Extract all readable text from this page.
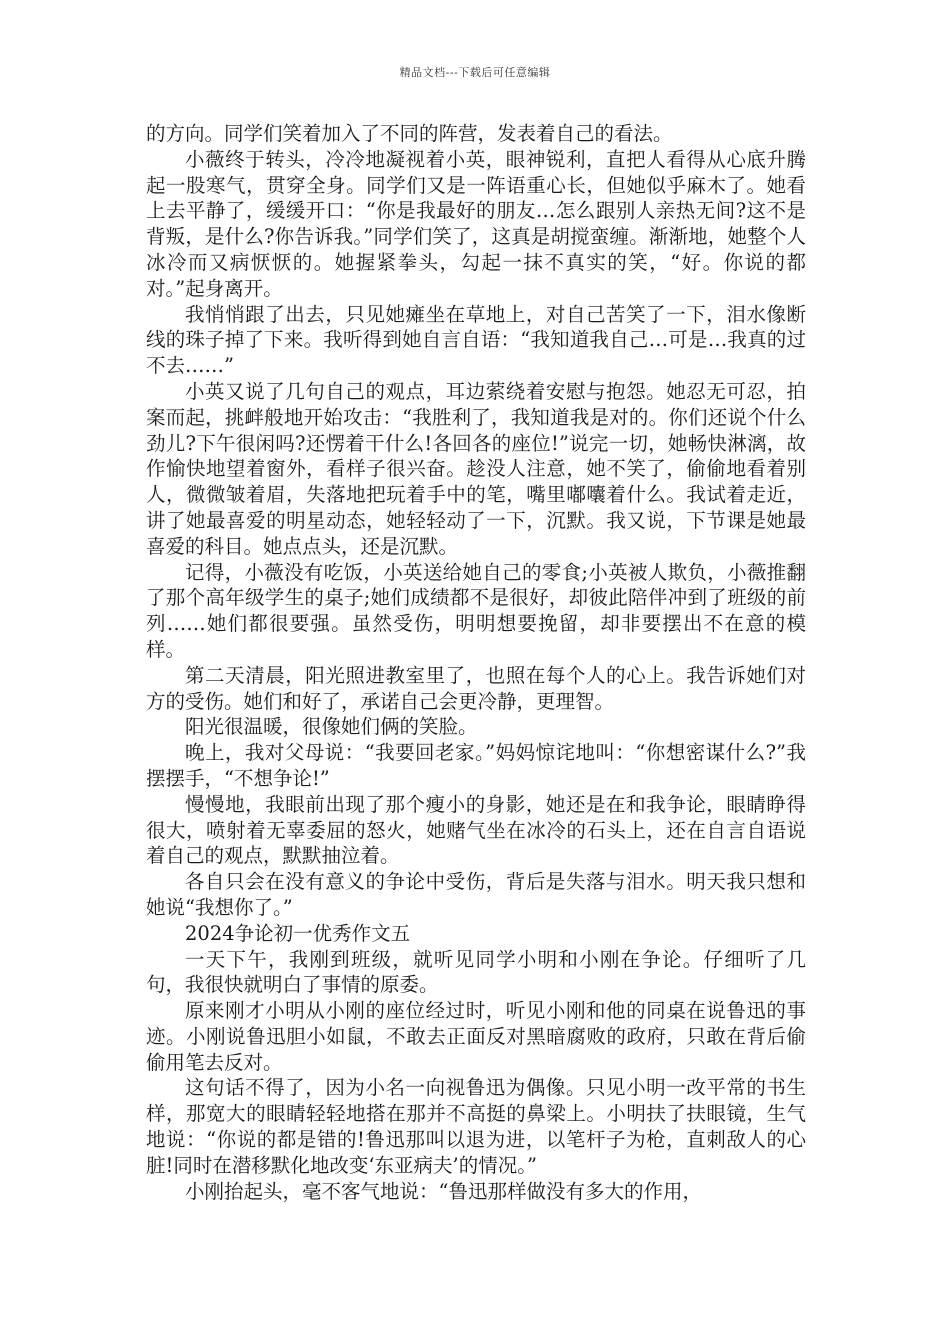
精品文档---下载后可任意编辑

的方向。同学们笑着加入了不同的阵营，发表着自己的看法。

小薇终于转头，冷冷地凝视着小英，眼神锐利，直把人看得从心底升腾起一股寒气，贯穿全身。同学们又是一阵语重心长，但她似乎麻木了。她看上去平静了，缓缓开口：“你是我最好的朋友…怎么跟别人亲热无间?这不是背叛，是什么?你告诉我。”同学们笑了，这真是胡搅蛮缠。渐渐地，她整个人冰冷而又病恹恹的。她握紧拳头，勾起一抹不真实的笑，“好。你说的都对。”起身离开。

我悄悄跟了出去，只见她瘫坐在草地上，对自己苦笑了一下，泪水像断线的珠子掉了下来。我听得到她自言自语：“我知道我自己…可是…我真的过不去……”

小英又说了几句自己的观点，耳边萦绕着安慰与抱怨。她忍无可忍，拍案而起，挑衅般地开始攻击：“我胜利了，我知道我是对的。你们还说个什么劲儿?下午很闲吗?还愣着干什么!各回各的座位!”说完一切，她畅快淋漓，故作愉快地望着窗外，看样子很兴奋。趁没人注意，她不笑了，偷偷地看着别人，微微皱着眉，失落地把玩着手中的笔，嘴里嘟囔着什么。我试着走近，讲了她最喜爱的明星动态，她轻轻动了一下，沉默。我又说，下节课是她最喜爱的科目。她点点头，还是沉默。

记得，小薇没有吃饭，小英送给她自己的零食;小英被人欺负，小薇推翻了那个高年级学生的桌子;她们成绩都不是很好，却彼此陪伴冲到了班级的前列……她们都很要强。虽然受伤，明明想要挽留，却非要摆出不在意的模样。

第二天清晨，阳光照进教室里了，也照在每个人的心上。我告诉她们对方的受伤。她们和好了，承诺自己会更冷静，更理智。

阳光很温暖，很像她们俩的笑脸。

晚上，我对父母说：“我要回老家。”妈妈惊诧地叫：“你想密谋什么?”我摆摆手，“不想争论!”

慢慢地，我眼前出现了那个瘦小的身影，她还是在和我争论，眼睛睁得很大，喷射着无辜委屈的怒火，她赌气坐在冰冷的石头上，还在自言自语说着自己的观点，默默抽泣着。

各自只会在没有意义的争论中受伤，背后是失落与泪水。明天我只想和她说“我想你了。”

2024争论初一优秀作文五

一天下午，我刚到班级，就听见同学小明和小刚在争论。仔细听了几句，我很快就明白了事情的原委。

原来刚才小明从小刚的座位经过时，听见小刚和他的同桌在说鲁迅的事迹。小刚说鲁迅胆小如鼠，不敢去正面反对黑暗腐败的政府，只敢在背后偷偷用笔去反对。

这句话不得了，因为小名一向视鲁迅为偶像。只见小明一改平常的书生样，那宽大的眼睛轻轻地搭在那并不高挺的鼻梁上。小明扶了扶眼镜，生气地说：“你说的都是错的!鲁迅那叫以退为进，以笔杆子为枪，直刺敌人的心脏!同时在潜移默化地改变‘东亚病夫’的情况。”

小刚抬起头，毫不客气地说：“鲁迅那样做没有多大的作用，
